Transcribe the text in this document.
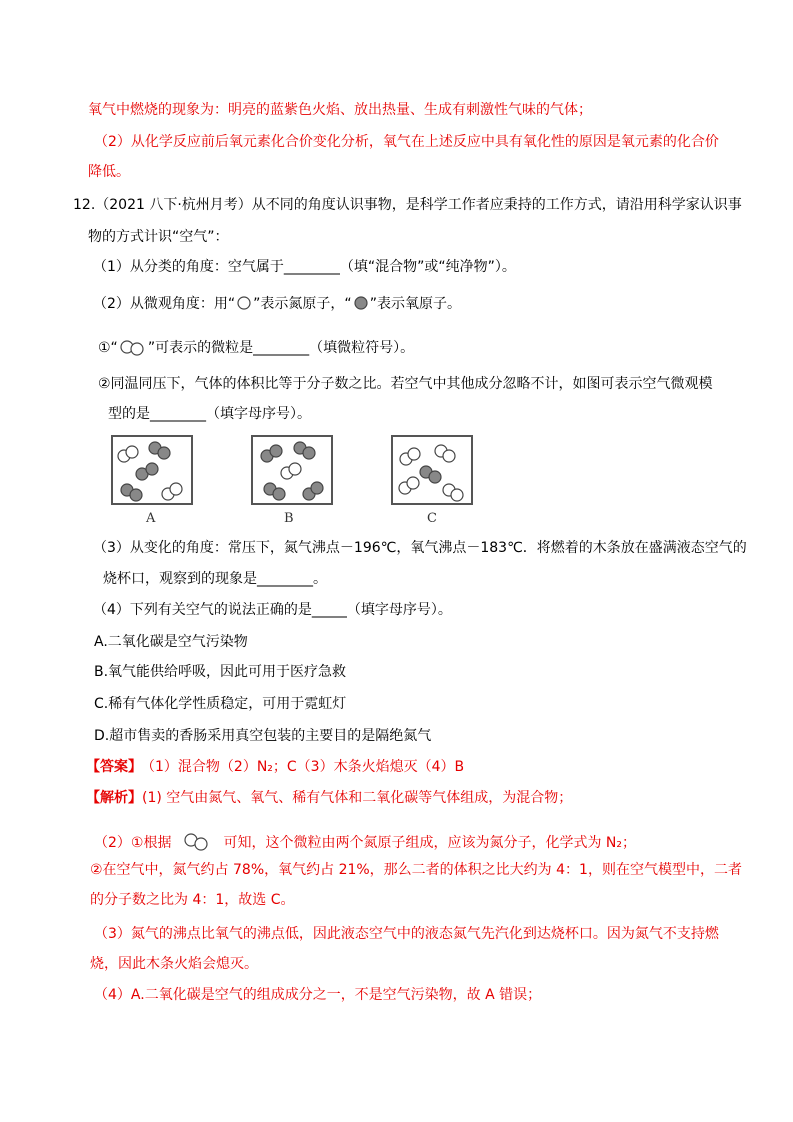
氧气中燃烧的现象为：明亮的蓝紫色火焰、放出热量、生成有刺激性气味的气体；
（2）从化学反应前后氧元素化合价变化分析，氧气在上述反应中具有氧化性的原因是氧元素的化合价
降低。
12.（2021 八下·杭州月考）从不同的角度认识事物，是科学工作者应秉持的工作方式，请沿用科学家认识事
物的方式计识“空气”：
（1）从分类的角度：空气属于________（填“混合物”或“纯净物”）。
（2）从微观角度：用“ ”表示氮原子，“ ”表示氧原子。
①“ ”可表示的微粒是________（填微粒符号）。
②同温同压下，气体的体积比等于分子数之比。若空气中其他成分忽略不计，如图可表示空气微观模
型的是________（填字母序号）。
A	B	C
（3）从变化的角度：常压下，氮气沸点－196℃，氧气沸点－183℃．将燃着的木条放在盛满液态空气的
烧杯口，观察到的现象是________。
（4）下列有关空气的说法正确的是_____（填字母序号）。
A.二氧化碳是空气污染物
B.氧气能供给呼吸，因此可用于医疗急救
C.稀有气体化学性质稳定，可用于霓虹灯
D.超市售卖的香肠采用真空包装的主要目的是隔绝氮气
【答案】 （1）混合物（2）N₂；C（3）木条火焰熄灭（4）B
【解析】(1) 空气由氮气、氧气、稀有气体和二氧化碳等气体组成，为混合物；
（2）①根据	可知，这个微粒由两个氮原子组成，应该为氮分子，化学式为 N₂；
②在空气中，氮气约占 78%，氧气约占 21%，那么二者的体积之比大约为 4：1，则在空气模型中，二者
的分子数之比为 4：1，故选 C。
（3）氮气的沸点比氧气的沸点低，因此液态空气中的液态氮气先汽化到达烧杯口。因为氮气不支持燃
烧，因此木条火焰会熄灭。
（4）A.二氧化碳是空气的组成成分之一，不是空气污染物，故 A 错误；
